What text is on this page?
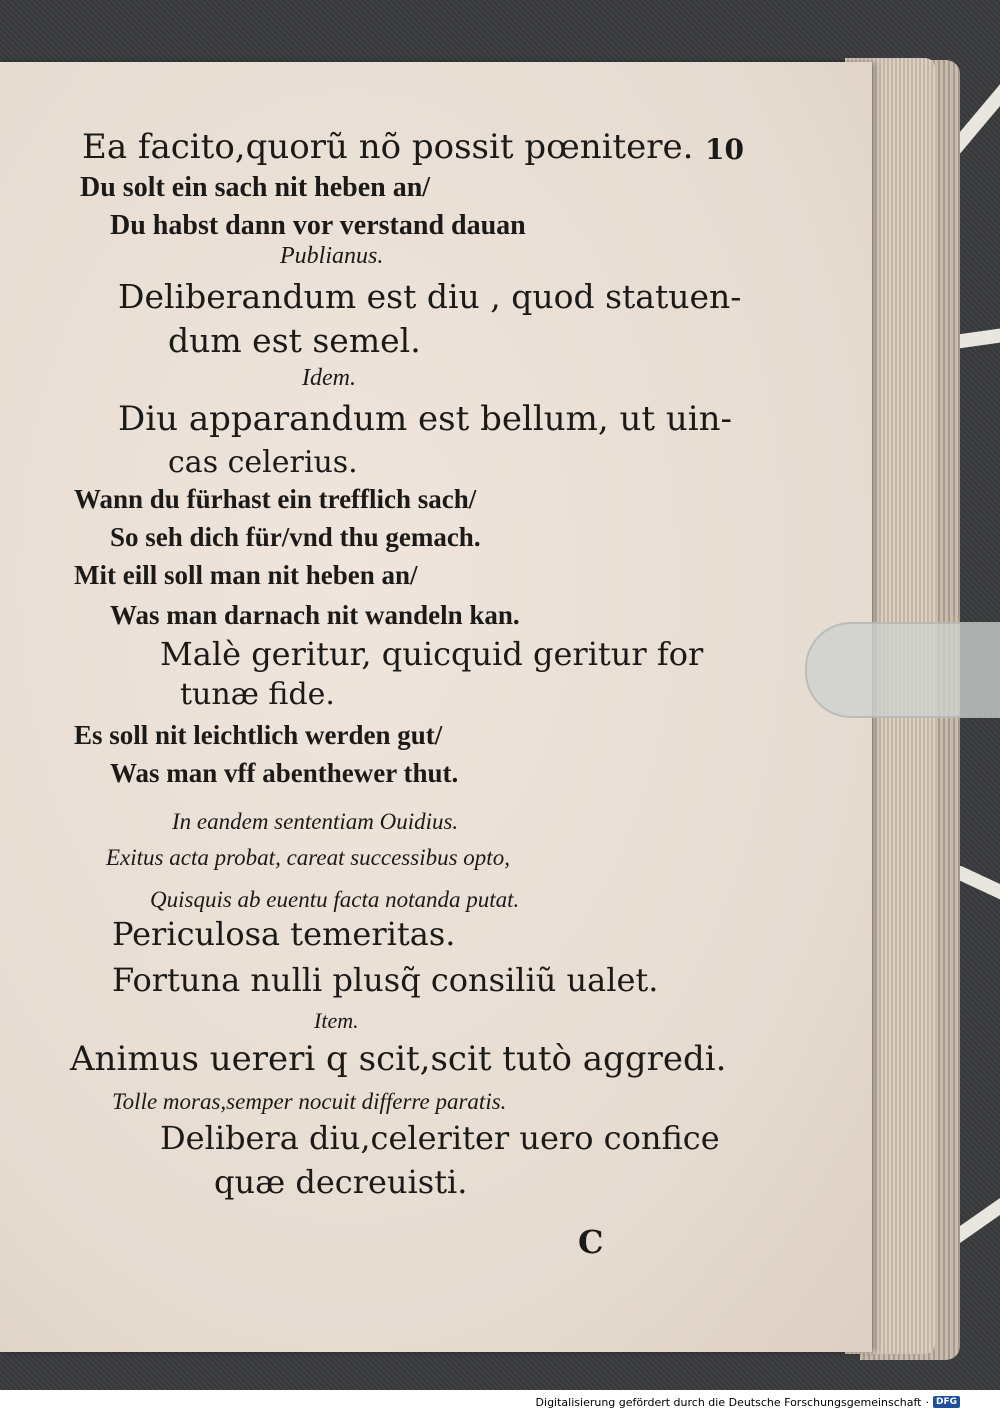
Ea facito,quorũ nõ possit pœnitere. 10
Du solt ein sach nit heben an/
Du habst dann vor verstand dauan
Publianus.
Deliberandum est diu , quod statuen-
dum est semel.
Idem.
Diu apparandum est bellum, ut uin-
cas celerius.
Wann du fürhast ein trefflich sach/
So seh dich für/vnd thu gemach.
Mit eill soll man nit heben an/
Was man darnach nit wandeln kan.
Malè geritur, quicquid geritur for
tunæ fide.
Es soll nit leichtlich werden gut/
Was man vff abenthewer thut.
In eandem sententiam Ouidius.
Exitus acta probat, careat successibus opto,
Quisquis ab euentu facta notanda putat.
Periculosa temeritas.
Fortuna nulli plusq̃ consiliũ ualet.
Item.
Animus uereri q scit,scit tutò aggredi.
Tolle moras,semper nocuit differre paratis.
Delibera diu,celeriter uero confice
quæ decreuisti.
C
Digitalisierung gefördert durch die Deutsche Forschungsgemeinschaft · DFG
